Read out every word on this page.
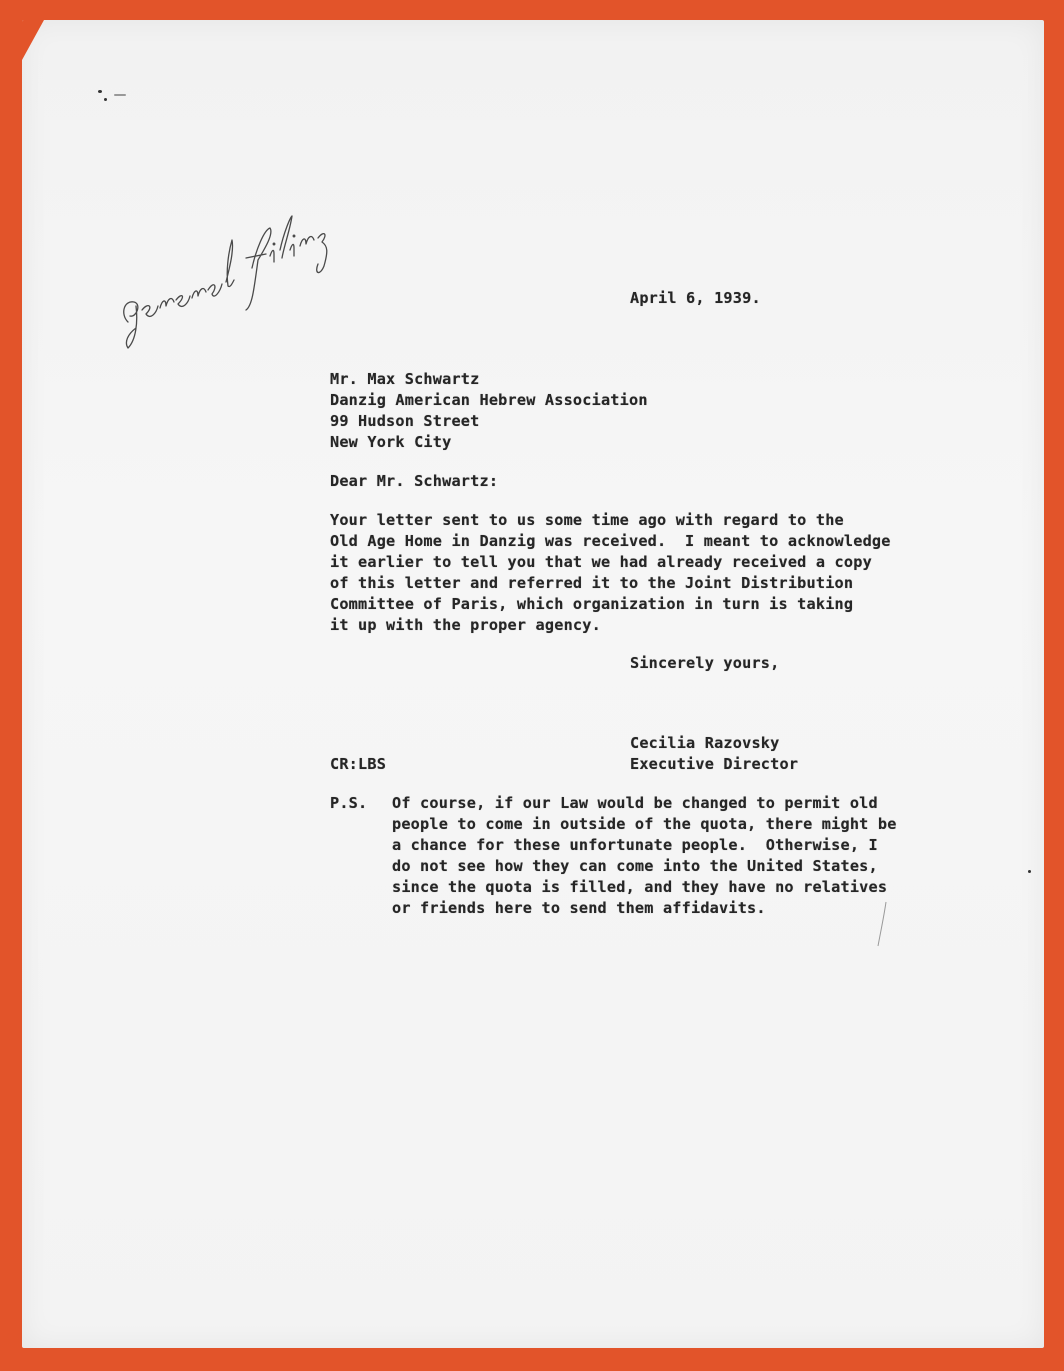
April 6, 1939.
Mr. Max Schwartz
Danzig American Hebrew Association
99 Hudson Street
New York City
Dear Mr. Schwartz:
Your letter sent to us some time ago with regard to the
Old Age Home in Danzig was received.  I meant to acknowledge
it earlier to tell you that we had already received a copy
of this letter and referred it to the Joint Distribution
Committee of Paris, which organization in turn is taking
it up with the proper agency.
Sincerely yours,
Cecilia Razovsky
CR:LBS	Executive Director
P.S. Of course, if our Law would be changed to permit old
people to come in outside of the quota, there might be
a chance for these unfortunate people.  Otherwise, I
do not see how they can come into the United States,
since the quota is filled, and they have no relatives
or friends here to send them affidavits.
